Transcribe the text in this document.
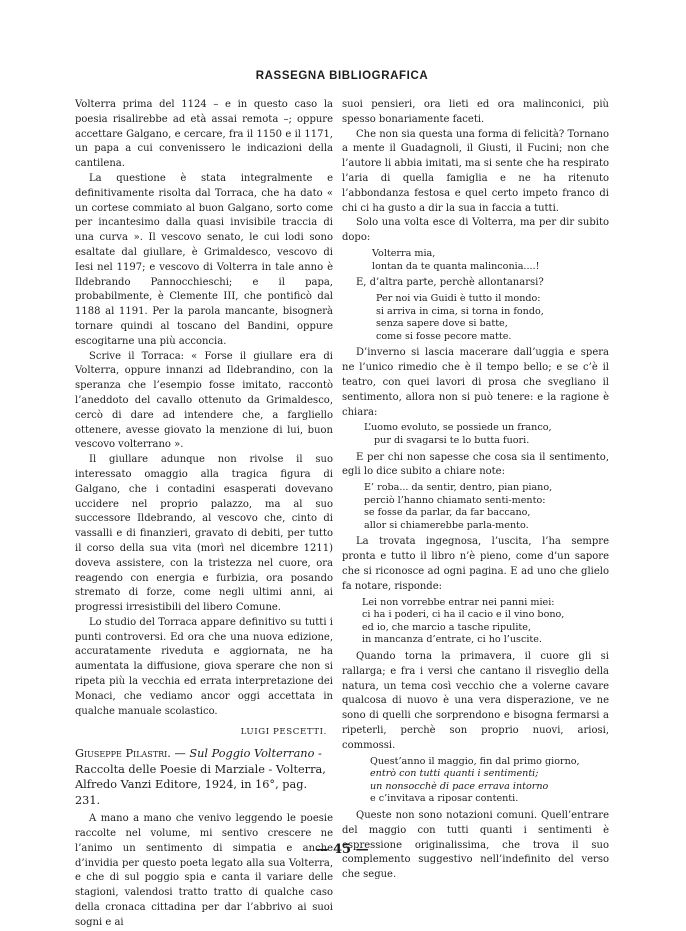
RASSEGNA BIBLIOGRAFICA

Volterra prima del 1124 – e in questo caso la poesia risalirebbe ad età assai remota –; oppure accettare Galgano, e cercare, fra il 1150 e il 1171, un papa a cui convenissero le indicazioni della cantilena.

La questione è stata integralmente e definitivamente risolta dal Torraca, che ha dato « un cortese commiato al buon Galgano, sorto come per incantesimo dalla quasi invisibile traccia di una curva ». Il vescovo senato, le cui lodi sono esaltate dal giullare, è Grimaldesco, vescovo di Iesi nel 1197; e vescovo di Volterra in tale anno è Ildebrando Pannocchieschi; e il papa, probabilmente, è Clemente III, che pontificò dal 1188 al 1191. Per la parola mancante, bisognerà tornare quindi al toscano del Bandini, oppure escogitarne una più acconcia.

Scrive il Torraca: « Forse il giullare era di Volterra, oppure innanzi ad Ildebrandino, con la speranza che l’esempio fosse imitato, raccontò l’aneddoto del cavallo ottenuto da Grimaldesco, cercò di dare ad intendere che, a fargliello ottenere, avesse giovato la menzione di lui, buon vescovo volterrano ».

Il giullare adunque non rivolse il suo interessato omaggio alla tragica figura di Galgano, che i contadini esasperati dovevano uccidere nel proprio palazzo, ma al suo successore Ildebrando, al vescovo che, cinto di vassalli e di finanzieri, gravato di debiti, per tutto il corso della sua vita (morì nel dicembre 1211) doveva assistere, con la tristezza nel cuore, ora reagendo con energia e furbizia, ora posando stremato di forze, come negli ultimi anni, ai progressi irresistibili del libero Comune.

Lo studio del Torraca appare definitivo su tutti i punti controversi. Ed ora che una nuova edizione, accuratamente riveduta e aggiornata, ne ha aumentata la diffusione, giova sperare che non si ripeta più la vecchia ed errata interpretazione dei Monaci, che vediamo ancor oggi accettata in qualche manuale scolastico.

LUIGI PESCETTI.
Giuseppe Pilastri. — Sul Poggio Volterrano - Raccolta delle Poesie di Marziale - Volterra, Alfredo Vanzi Editore, 1924, in 16°, pag. 231.

A mano a mano che venivo leggendo le poesie raccolte nel volume, mi sentivo crescere ne l’animo un sentimento di simpatia e anche d’invidia per questo poeta legato alla sua Volterra, e che di sul poggio spia e canta il variare delle stagioni, valendosi tratto tratto di qualche caso della cronaca cittadina per dar l’abbrivo ai suoi sogni e ai

suoi pensieri, ora lieti ed ora malinconici, più spesso bonariamente faceti.

Che non sia questa una forma di felicità? Tornano a mente il Guadagnoli, il Giusti, il Fucini; non che l’autore li abbia imitati, ma si sente che ha respirato l’aria di quella famiglia e ne ha ritenuto l’abbondanza festosa e quel certo impeto franco di chi ci ha gusto a dir la sua in faccia a tutti.

Solo una volta esce di Volterra, ma per dir subito dopo:

Volterra mia,
lontan da te quanta malinconia....!

E, d’altra parte, perchè allontanarsi?

Per noi via Guidi è tutto il mondo:
si arriva in cima, si torna in fondo,
senza sapere dove si batte,
come si fosse pecore matte.

D’inverno si lascia macerare dall’uggia e spera ne l’unico rimedio che è il tempo bello; e se c’è il teatro, con quei lavori di prosa che svegliano il sentimento, allora non si può tenere: e la ragione è chiara:

L’uomo evoluto, se possiede un franco,
pur di svagarsi te lo butta fuori.

E per chi non sapesse che cosa sia il sentimento, egli lo dice subito a chiare note:

E’ roba... da sentir, dentro, pian piano,
perciò l’hanno chiamato senti-mento:
se fosse da parlar, da far baccano,
allor si chiamerebbe parla-mento.

La trovata ingegnosa, l’uscita, l’ha sempre pronta e tutto il libro n’è pieno, come d’un sapore che si riconosce ad ogni pagina. E ad uno che glielo fa notare, risponde:

Lei non vorrebbe entrar nei panni miei:
ci ha i poderi, ci ha il cacio e il vino bono,
ed io, che marcio a tasche ripulite,
in mancanza d’entrate, ci ho l’uscite.

Quando torna la primavera, il cuore gli si rallarga; e fra i versi che cantano il risveglio della natura, un tema così vecchio che a volerne cavare qualcosa di nuovo è una vera disperazione, ve ne sono di quelli che sorprendono e bisogna fermarsi a ripeterli, perchè son proprio nuovi, ariosi, commossi.

Quest’anno il maggio, fin dal primo giorno,
entrò con tutti quanti i sentimenti;
un nonsocchè di pace errava intorno
e c’invitava a riposar contenti.

Queste non sono notazioni comuni. Quell’entrare del maggio con tutti quanti i sentimenti è espressione originalissima, che trova il suo complemento suggestivo nell’indefinito del verso che segue.

— 45 —
